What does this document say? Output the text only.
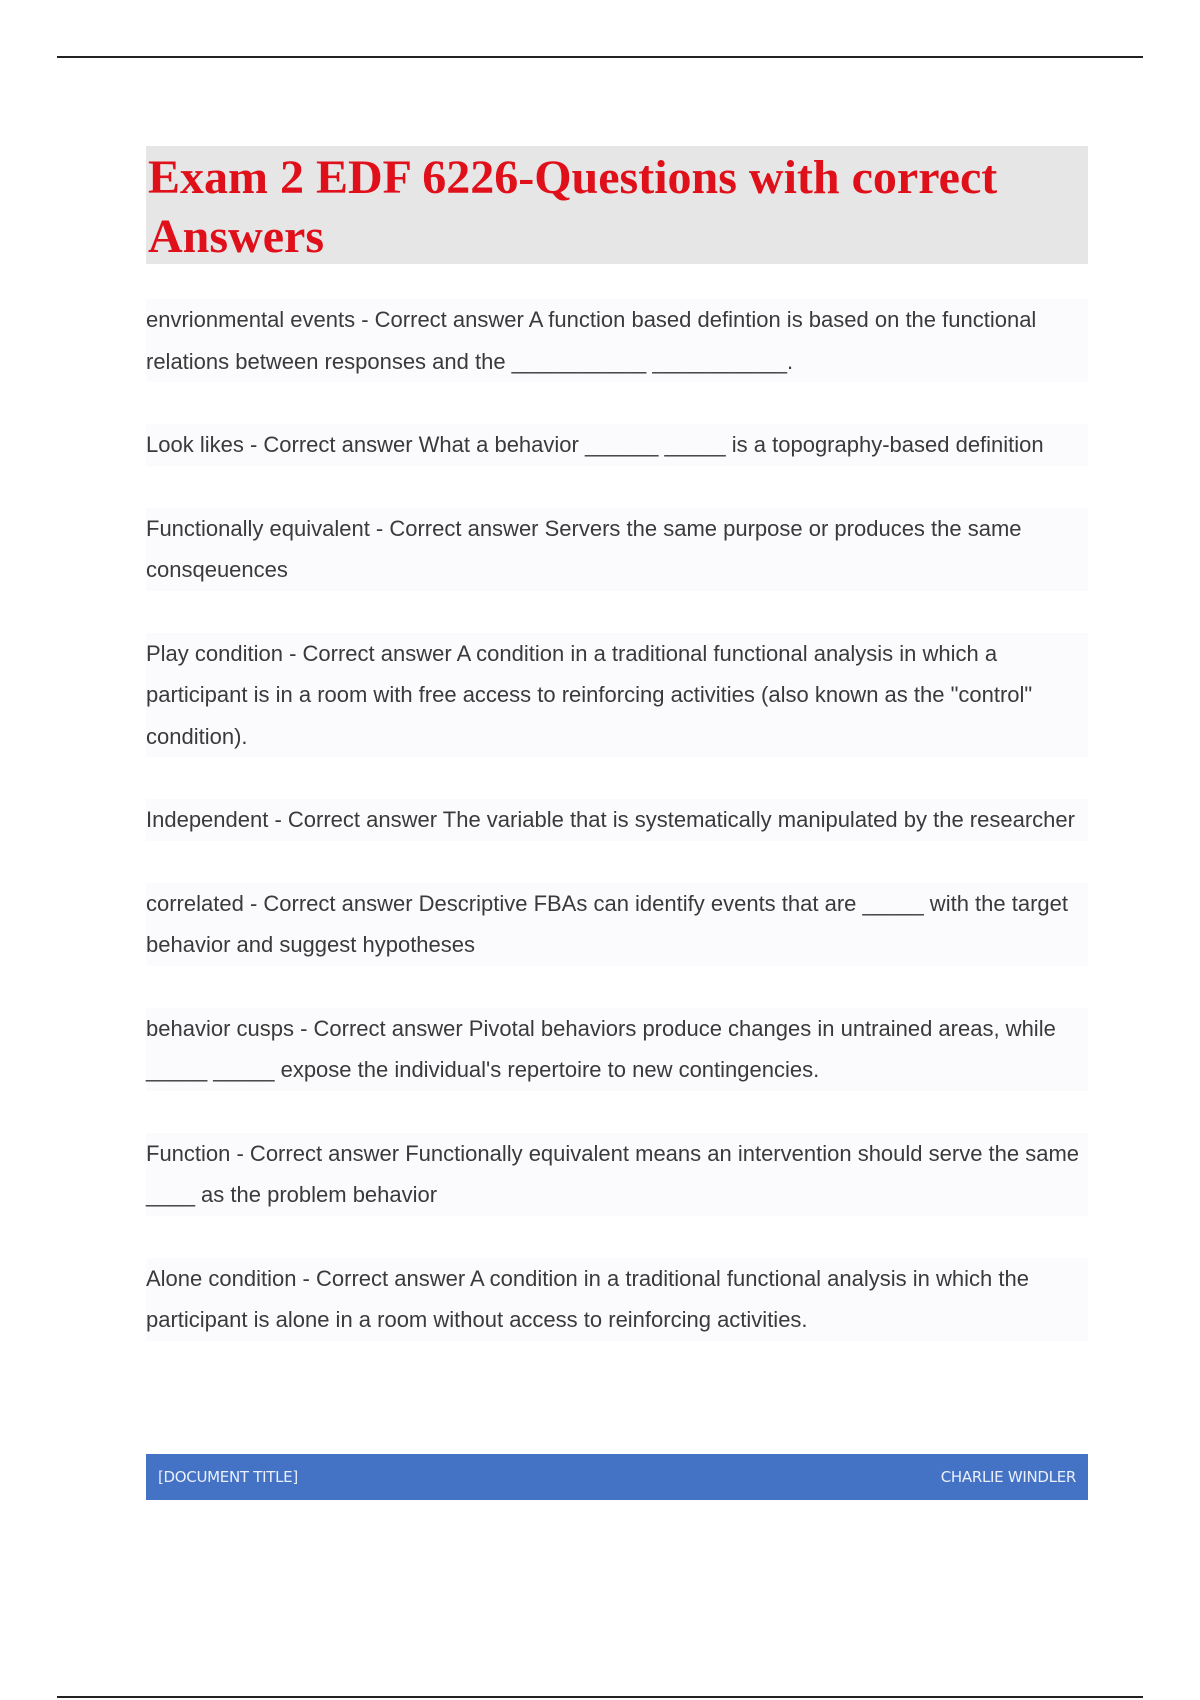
Exam 2 EDF 6226-Questions with correct Answers

envrionmental events - Correct answer A function based defintion is based on the functional relations between responses and the ___________ ___________.

Look likes - Correct answer What a behavior ______ _____ is a topography-based definition

Functionally equivalent - Correct answer Servers the same purpose or produces the same consqeuences

Play condition - Correct answer A condition in a traditional functional analysis in which a participant is in a room with free access to reinforcing activities (also known as the "control" condition).

Independent - Correct answer The variable that is systematically manipulated by the researcher

correlated - Correct answer Descriptive FBAs can identify events that are _____ with the target behavior and suggest hypotheses

behavior cusps - Correct answer Pivotal behaviors produce changes in untrained areas, while _____ _____ expose the individual's repertoire to new contingencies.

Function - Correct answer Functionally equivalent means an intervention should serve the same ____ as the problem behavior

Alone condition - Correct answer A condition in a traditional functional analysis in which the participant is alone in a room without access to reinforcing activities.

[DOCUMENT TITLE]	CHARLIE WINDLER
